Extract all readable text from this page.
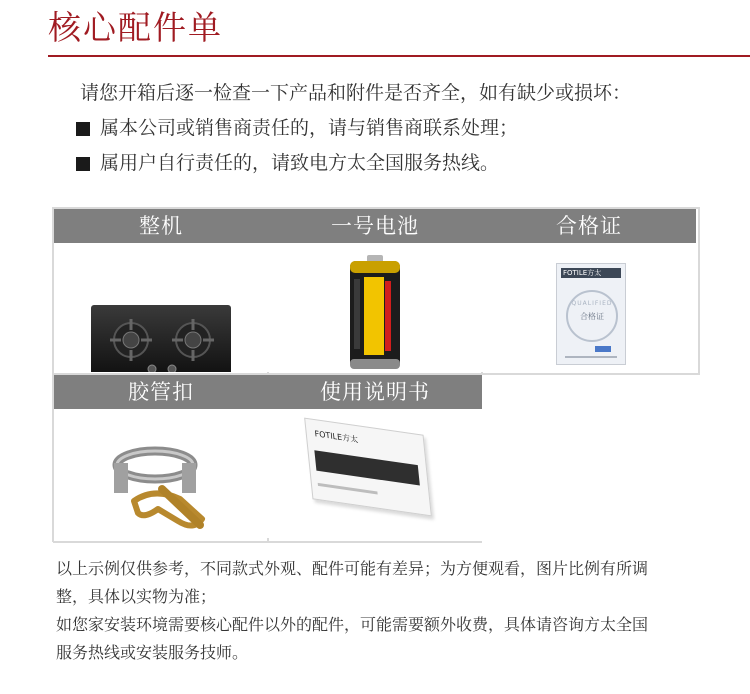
核心配件单
请您开箱后逐一检查一下产品和附件是否齐全，如有缺少或损坏：
属本公司或销售商责任的，请与销售商联系处理；
属用户自行责任的，请致电方太全国服务热线。
整机	一号电池	合格证
FOTILE方太
QUALIFIED
合格证
胶管扣	使用说明书
FOTILE方太

以上示例仅供参考，不同款式外观、配件可能有差异；为方便观看，图片比例有所调

整，具体以实物为准；

如您家安装环境需要核心配件以外的配件，可能需要额外收费，具体请咨询方太全国

服务热线或安装服务技师。
